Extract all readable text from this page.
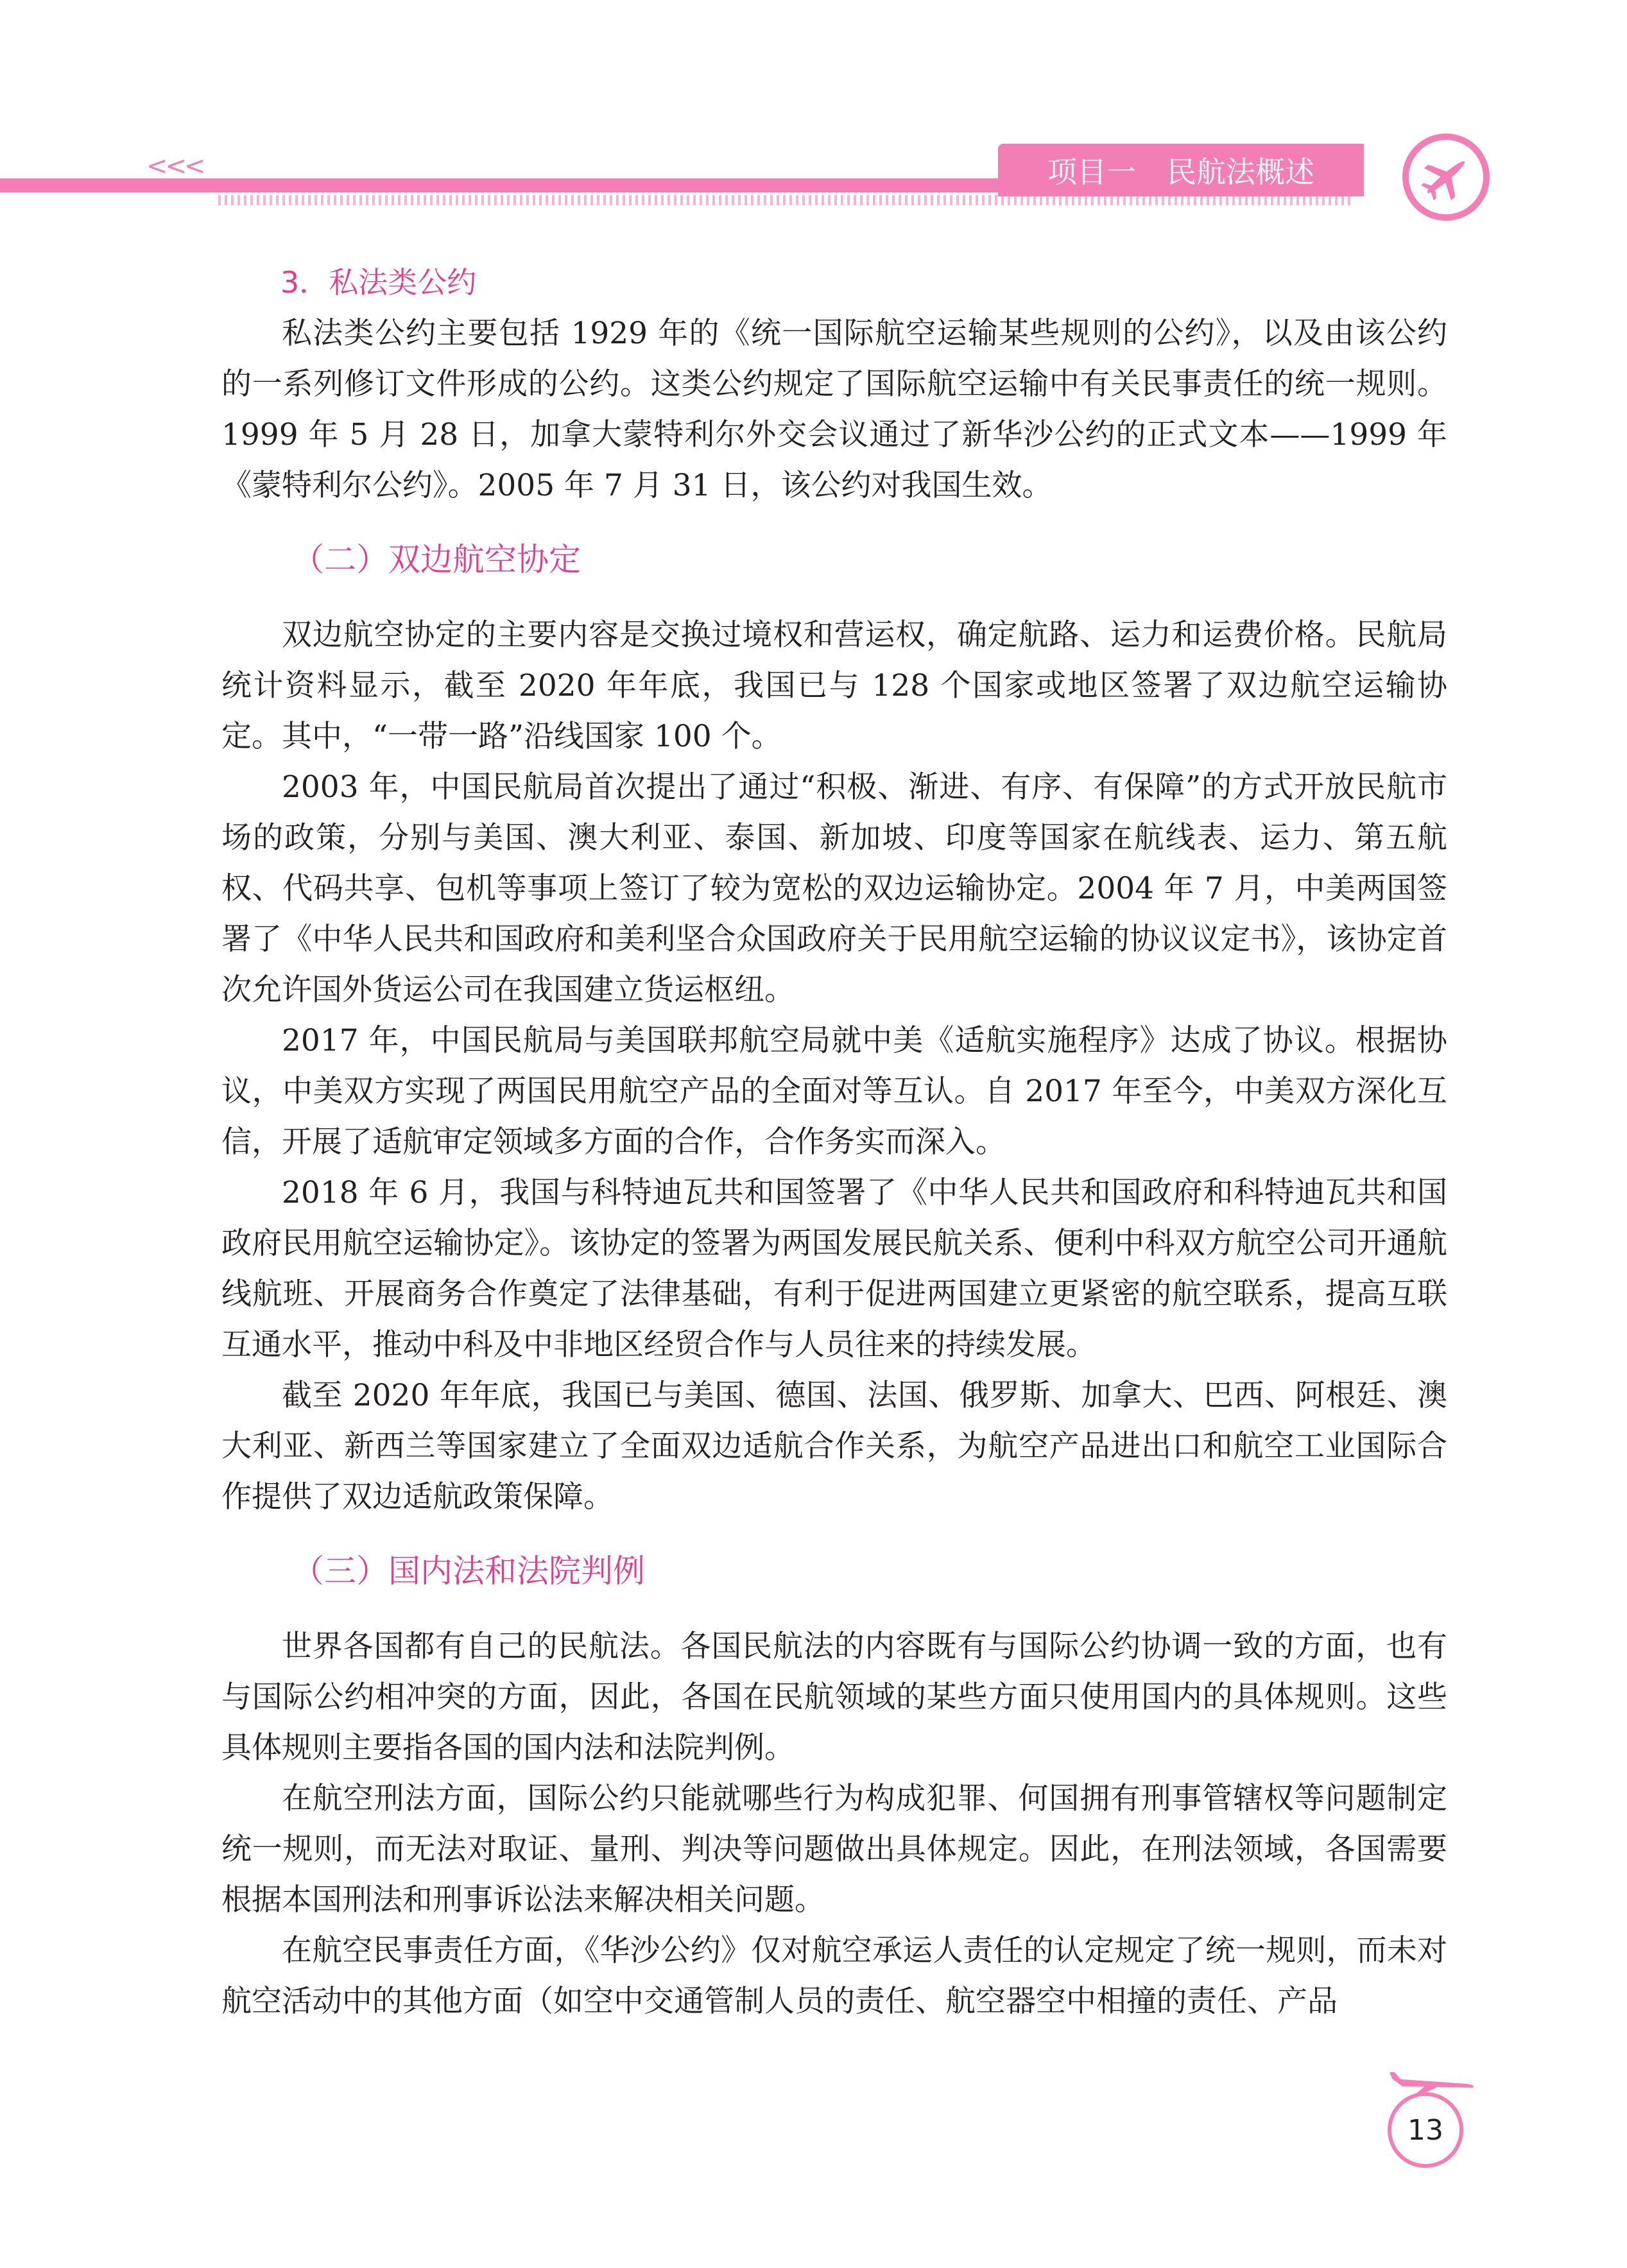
<<<	项目一 民航法概述
3．私法类公约

私法类公约主要包括 1929 年的《统一国际航空运输某些规则的公约》，以及由该公约的一系列修订文件形成的公约。这类公约规定了国际航空运输中有关民事责任的统一规则。1999 年 5 月 28 日，加拿大蒙特利尔外交会议通过了新华沙公约的正式文本——1999 年《蒙特利尔公约》。2005 年 7 月 31 日，该公约对我国生效。

（二）双边航空协定

双边航空协定的主要内容是交换过境权和营运权，确定航路、运力和运费价格。民航局统计资料显示，截至 2020 年年底，我国已与 128 个国家或地区签署了双边航空运输协定。其中，“一带一路”沿线国家 100 个。

2003 年，中国民航局首次提出了通过“积极、渐进、有序、有保障”的方式开放民航市场的政策，分别与美国、澳大利亚、泰国、新加坡、印度等国家在航线表、运力、第五航权、代码共享、包机等事项上签订了较为宽松的双边运输协定。2004 年 7 月，中美两国签署了《中华人民共和国政府和美利坚合众国政府关于民用航空运输的协议议定书》，该协定首次允许国外货运公司在我国建立货运枢纽。

2017 年，中国民航局与美国联邦航空局就中美《适航实施程序》达成了协议。根据协议，中美双方实现了两国民用航空产品的全面对等互认。自 2017 年至今，中美双方深化互信，开展了适航审定领域多方面的合作，合作务实而深入。

2018 年 6 月，我国与科特迪瓦共和国签署了《中华人民共和国政府和科特迪瓦共和国政府民用航空运输协定》。该协定的签署为两国发展民航关系、便利中科双方航空公司开通航线航班、开展商务合作奠定了法律基础，有利于促进两国建立更紧密的航空联系，提高互联互通水平，推动中科及中非地区经贸合作与人员往来的持续发展。

截至 2020 年年底，我国已与美国、德国、法国、俄罗斯、加拿大、巴西、阿根廷、澳大利亚、新西兰等国家建立了全面双边适航合作关系，为航空产品进出口和航空工业国际合作提供了双边适航政策保障。

（三）国内法和法院判例

世界各国都有自己的民航法。各国民航法的内容既有与国际公约协调一致的方面，也有与国际公约相冲突的方面，因此，各国在民航领域的某些方面只使用国内的具体规则。这些具体规则主要指各国的国内法和法院判例。

在航空刑法方面，国际公约只能就哪些行为构成犯罪、何国拥有刑事管辖权等问题制定统一规则，而无法对取证、量刑、判决等问题做出具体规定。因此，在刑法领域，各国需要根据本国刑法和刑事诉讼法来解决相关问题。

在航空民事责任方面，《华沙公约》仅对航空承运人责任的认定规定了统一规则，而未对航空活动中的其他方面（如空中交通管制人员的责任、航空器空中相撞的责任、产品

13
